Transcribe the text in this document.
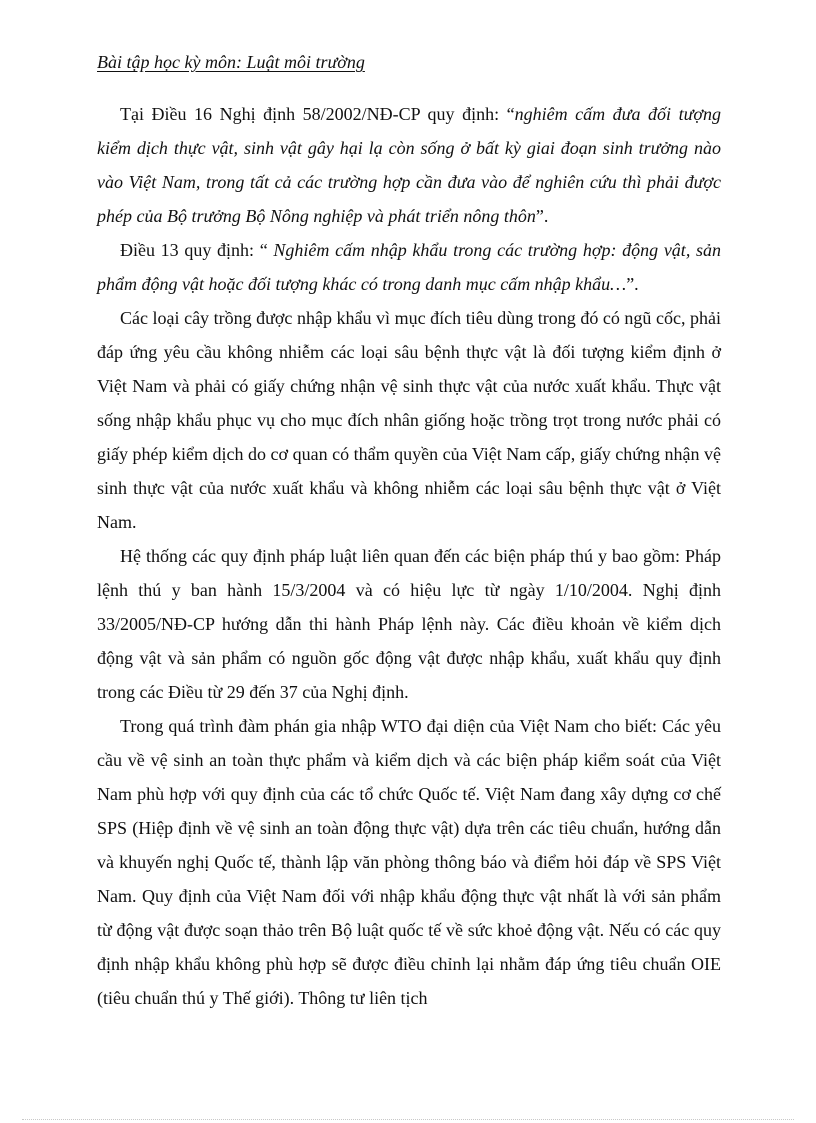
Bài tập học kỳ môn: Luật môi trường

Tại Điều 16 Nghị định 58/2002/NĐ-CP quy định: “nghiêm cấm đưa đối tượng kiểm dịch thực vật, sinh vật gây hại lạ còn sống ở bất kỳ giai đoạn sinh trưởng nào vào Việt Nam, trong tất cả các trường hợp cần đưa vào để nghiên cứu thì phải được phép của Bộ trưởng Bộ Nông nghiệp và phát triển nông thôn”.

Điều 13 quy định: “ Nghiêm cấm nhập khẩu trong các trường hợp: động vật, sản phẩm động vật hoặc đối tượng khác có trong danh mục cấm nhập khẩu…”.

Các loại cây trồng được nhập khẩu vì mục đích tiêu dùng trong đó có ngũ cốc, phải đáp ứng yêu cầu không nhiễm các loại sâu bệnh thực vật là đối tượng kiểm định ở Việt Nam và phải có giấy chứng nhận vệ sinh thực vật của nước xuất khẩu. Thực vật sống nhập khẩu phục vụ cho mục đích nhân giống hoặc trồng trọt trong nước phải có giấy phép kiểm dịch do cơ quan có thẩm quyền của Việt Nam cấp, giấy chứng nhận vệ sinh thực vật của nước xuất khẩu và không nhiễm các loại sâu bệnh thực vật ở Việt Nam.

Hệ thống các quy định pháp luật liên quan đến các biện pháp thú y bao gồm: Pháp lệnh thú y ban hành 15/3/2004 và có hiệu lực từ ngày 1/10/2004. Nghị định 33/2005/NĐ-CP hướng dẫn thi hành Pháp lệnh này. Các điều khoản về kiểm dịch động vật và sản phẩm có nguồn gốc động vật được nhập khẩu, xuất khẩu quy định trong các Điều từ 29 đến 37 của Nghị định.

Trong quá trình đàm phán gia nhập WTO đại diện của Việt Nam cho biết: Các yêu cầu về vệ sinh an toàn thực phẩm và kiểm dịch và các biện pháp kiểm soát của Việt Nam phù hợp với quy định của các tổ chức Quốc tế. Việt Nam đang xây dựng cơ chế SPS (Hiệp định về vệ sinh an toàn động thực vật) dựa trên các tiêu chuẩn, hướng dẫn và khuyến nghị Quốc tế, thành lập văn phòng thông báo và điểm hỏi đáp về SPS Việt Nam. Quy định của Việt Nam đối với nhập khẩu động thực vật nhất là với sản phẩm từ động vật được soạn thảo trên Bộ luật quốc tế về sức khoẻ động vật. Nếu có các quy định nhập khẩu không phù hợp sẽ được điều chỉnh lại nhằm đáp ứng tiêu chuẩn OIE (tiêu chuẩn thú y Thế giới). Thông tư liên tịch
